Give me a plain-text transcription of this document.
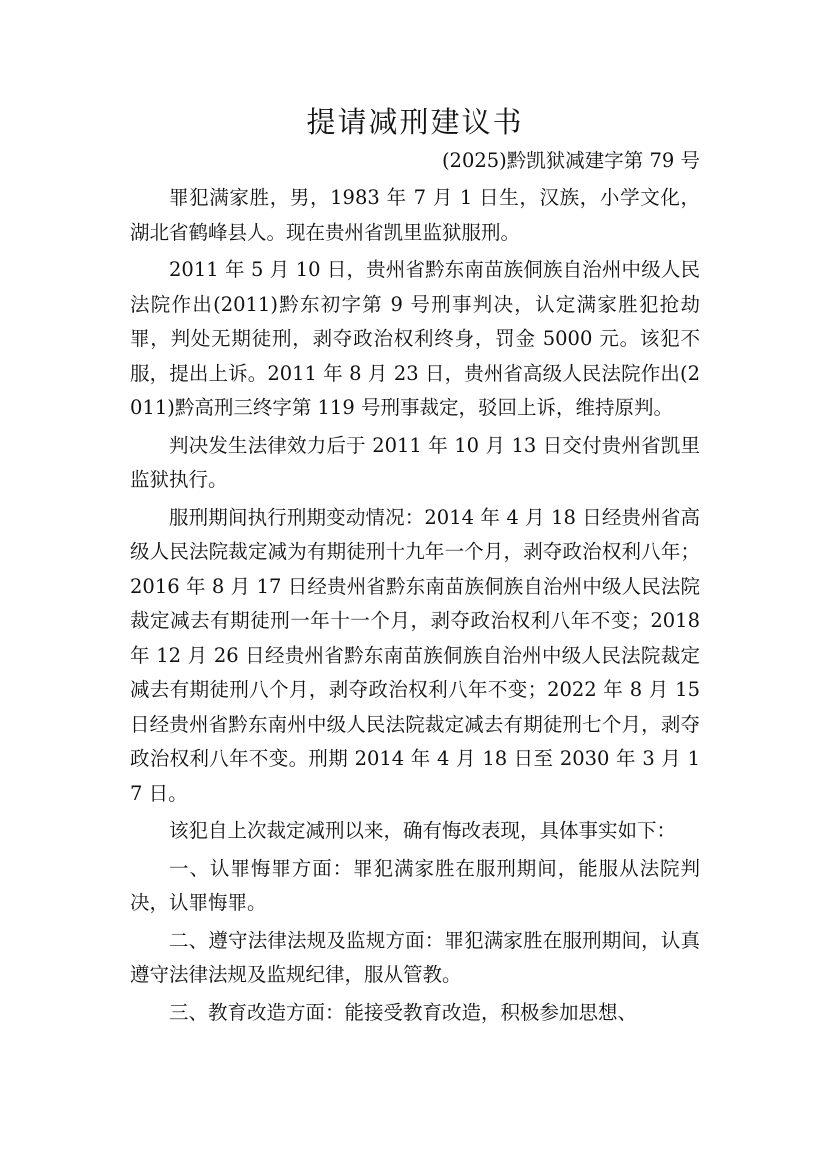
提请减刑建议书

(2025)黔凯狱减建字第 79 号

罪犯满家胜，男，1983 年 7 月 1 日生，汉族，小学文化，湖北省鹤峰县人。现在贵州省凯里监狱服刑。

2011 年 5 月 10 日，贵州省黔东南苗族侗族自治州中级人民法院作出(2011)黔东初字第 9 号刑事判决，认定满家胜犯抢劫罪，判处无期徒刑，剥夺政治权利终身，罚金 5000 元。该犯不服，提出上诉。2011 年 8 月 23 日，贵州省高级人民法院作出(2011)黔高刑三终字第 119 号刑事裁定，驳回上诉，维持原判。

判决发生法律效力后于 2011 年 10 月 13 日交付贵州省凯里监狱执行。

服刑期间执行刑期变动情况：2014 年 4 月 18 日经贵州省高级人民法院裁定减为有期徒刑十九年一个月，剥夺政治权利八年；2016 年 8 月 17 日经贵州省黔东南苗族侗族自治州中级人民法院裁定减去有期徒刑一年十一个月，剥夺政治权利八年不变；2018 年 12 月 26 日经贵州省黔东南苗族侗族自治州中级人民法院裁定减去有期徒刑八个月，剥夺政治权利八年不变；2022 年 8 月 15 日经贵州省黔东南州中级人民法院裁定减去有期徒刑七个月，剥夺政治权利八年不变。刑期 2014 年 4 月 18 日至 2030 年 3 月 17 日。

该犯自上次裁定减刑以来，确有悔改表现，具体事实如下：

一、认罪悔罪方面：罪犯满家胜在服刑期间，能服从法院判决，认罪悔罪。

二、遵守法律法规及监规方面：罪犯满家胜在服刑期间，认真遵守法律法规及监规纪律，服从管教。

三、教育改造方面：能接受教育改造，积极参加思想、
